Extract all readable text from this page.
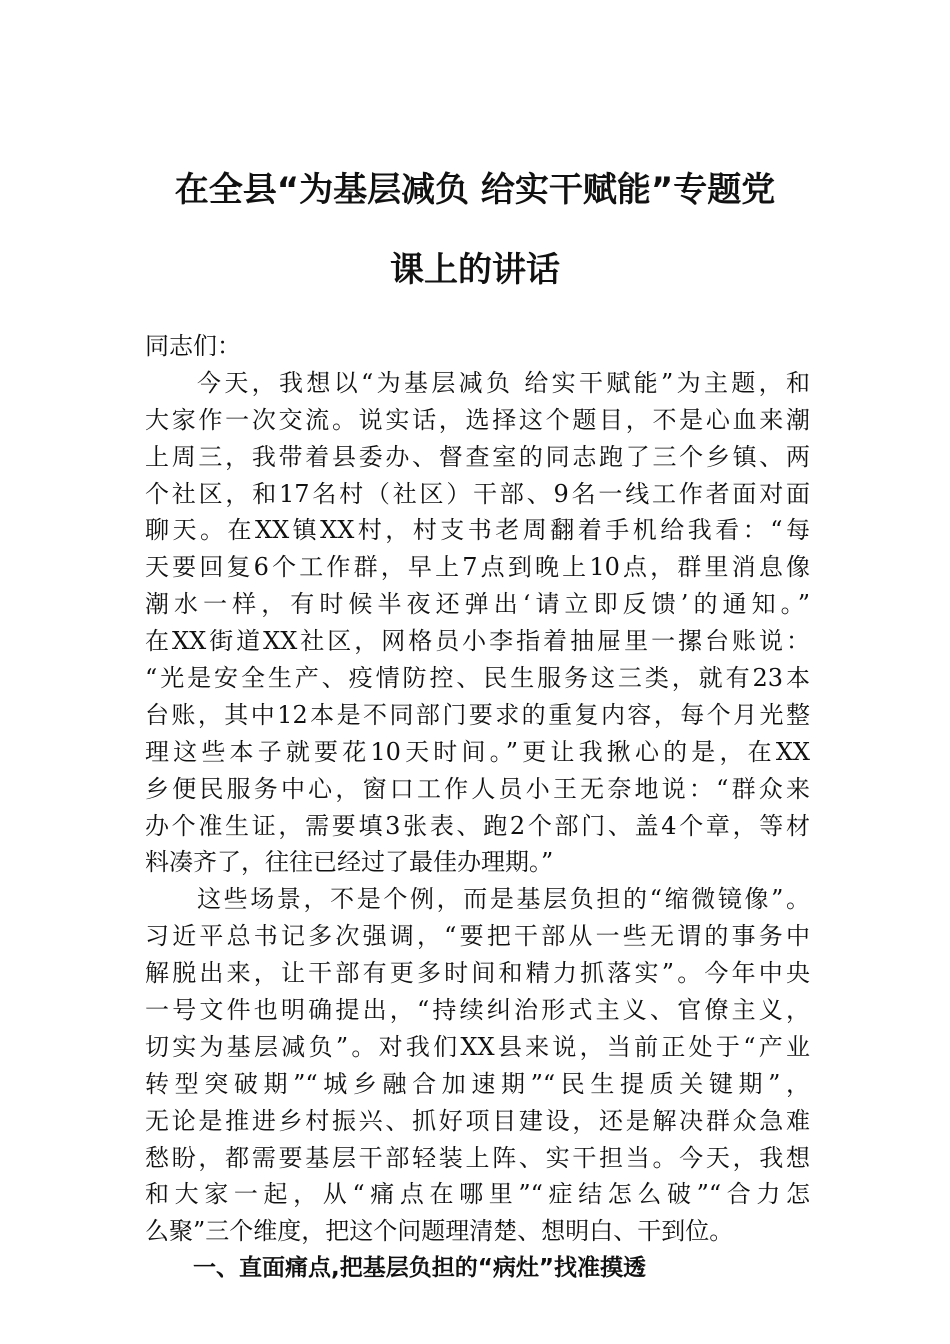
在全县“为基层减负 给实干赋能”专题党
课上的讲话
同志们：
今天，我想以“为基层减负 给实干赋能”为主题，和
大家作一次交流。说实话，选择这个题目，不是心血来潮
上周三，我带着县委办、督查室的同志跑了三个乡镇、两
个社区，和17名村（社区）干部、9名一线工作者面对面
聊天。在XX镇XX村，村支书老周翻着手机给我看：“每
天要回复6个工作群，早上7点到晚上10点，群里消息像
潮水一样，有时候半夜还弹出‘请立即反馈’的通知。”
在XX街道XX社区，网格员小李指着抽屉里一摞台账说：
“光是安全生产、疫情防控、民生服务这三类，就有23本
台账，其中12本是不同部门要求的重复内容，每个月光整
理这些本子就要花10天时间。”更让我揪心的是，在XX
乡便民服务中心，窗口工作人员小王无奈地说：“群众来
办个准生证，需要填3张表、跑2个部门、盖4个章，等材
料凑齐了，往往已经过了最佳办理期。”
这些场景，不是个例，而是基层负担的“缩微镜像”。
习近平总书记多次强调，“要把干部从一些无谓的事务中
解脱出来，让干部有更多时间和精力抓落实”。今年中央
一号文件也明确提出，“持续纠治形式主义、官僚主义，
切实为基层减负”。对我们XX县来说，当前正处于“产业
转型突破期”“城乡融合加速期”“民生提质关键期”，
无论是推进乡村振兴、抓好项目建设，还是解决群众急难
愁盼，都需要基层干部轻装上阵、实干担当。今天，我想
和大家一起，从“痛点在哪里”“症结怎么破”“合力怎
么聚”三个维度，把这个问题理清楚、想明白、干到位。
一、直面痛点,把基层负担的“病灶”找准摸透
